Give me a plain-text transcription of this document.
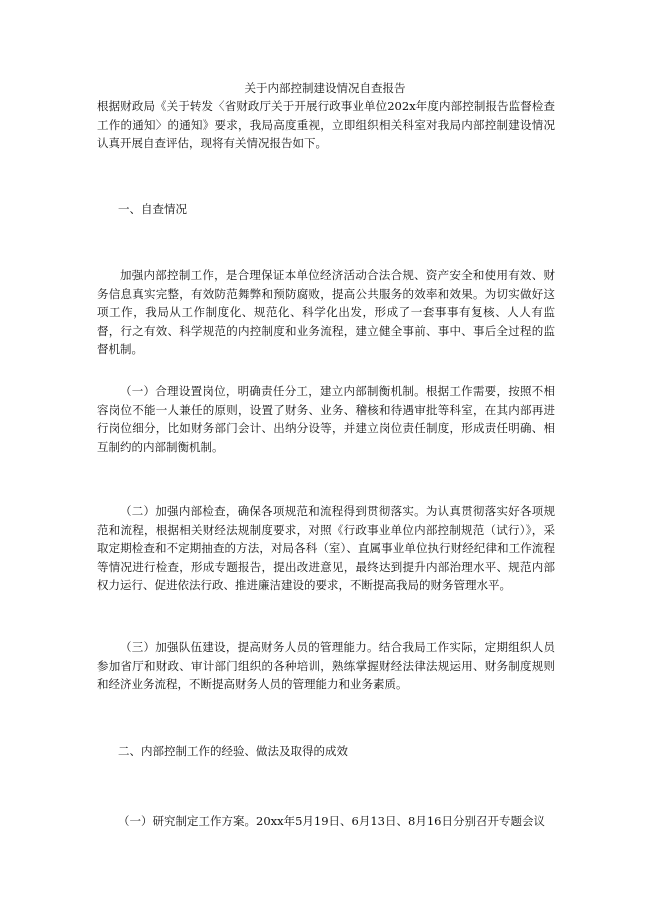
关于内部控制建设情况自查报告

根据财政局《关于转发〈省财政厅关于开展行政事业单位202x年度内部控制报告监督检查工作的通知〉的通知》要求，我局高度重视，立即组织相关科室对我局内部控制建设情况认真开展自查评估，现将有关情况报告如下。

一、自查情况

加强内部控制工作，是合理保证本单位经济活动合法合规、资产安全和使用有效、财务信息真实完整，有效防范舞弊和预防腐败，提高公共服务的效率和效果。为切实做好这项工作，我局从工作制度化、规范化、科学化出发，形成了一套事事有复核、人人有监督，行之有效、科学规范的内控制度和业务流程，建立健全事前、事中、事后全过程的监督机制。

（一）合理设置岗位，明确责任分工，建立内部制衡机制。根据工作需要，按照不相容岗位不能一人兼任的原则，设置了财务、业务、稽核和待遇审批等科室，在其内部再进行岗位细分，比如财务部门会计、出纳分设等，并建立岗位责任制度，形成责任明确、相互制约的内部制衡机制。

（二）加强内部检查，确保各项规范和流程得到贯彻落实。为认真贯彻落实好各项规范和流程，根据相关财经法规制度要求，对照《行政事业单位内部控制规范（试行）》，采取定期检查和不定期抽查的方法，对局各科（室）、直属事业单位执行财经纪律和工作流程等情况进行检查，形成专题报告，提出改进意见，最终达到提升内部治理水平、规范内部权力运行、促进依法行政、推进廉洁建设的要求，不断提高我局的财务管理水平。

（三）加强队伍建设，提高财务人员的管理能力。结合我局工作实际，定期组织人员参加省厅和财政、审计部门组织的各种培训，熟练掌握财经法律法规运用、财务制度规则和经济业务流程，不断提高财务人员的管理能力和业务素质。

二、内部控制工作的经验、做法及取得的成效

（一）研究制定工作方案。20xx年5月19日、6月13日、8月16日分别召开专题会议
